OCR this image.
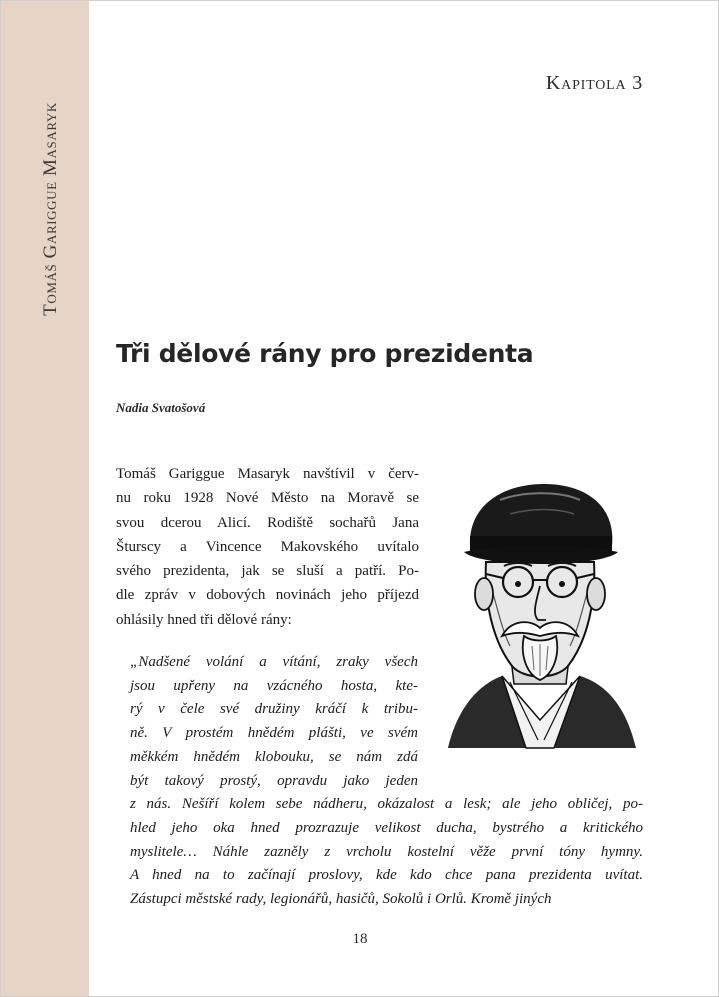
Tomáš Gariggue Masaryk
Kapitola 3
Tři dělové rány pro prezidenta
Nadia Svatošová
Tomáš Gariggue Masaryk navštívil v červ-
nu roku 1928 Nové Město na Moravě se
svou dcerou Alicí. Rodiště sochařů Jana
Šturscy a Vincence Makovského uvítalo
svého prezidenta, jak se sluší a patří. Po-
dle zpráv v dobových novinách jeho příjezd
ohlásily hned tři dělové rány:
„Nadšené volání a vítání, zraky všech
jsou upřeny na vzácného hosta, kte-
rý v čele své družiny kráčí k tribu-
ně. V prostém hnědém plášti, ve svém
měkkém hnědém klobouku, se nám zdá
být takový prostý, opravdu jako jeden
z nás. Nešíří kolem sebe nádheru, okázalost a lesk; ale jeho obličej, po-
hled jeho oka hned prozrazuje velikost ducha, bystrého a kritického
myslitele… Náhle zazněly z vrcholu kostelní věže první tóny hymny.
A hned na to začínají proslovy, kde kdo chce pana prezidenta uvítat.
Zástupci městské rady, legionářů, hasičů, Sokolů i Orlů. Kromě jiných
18
